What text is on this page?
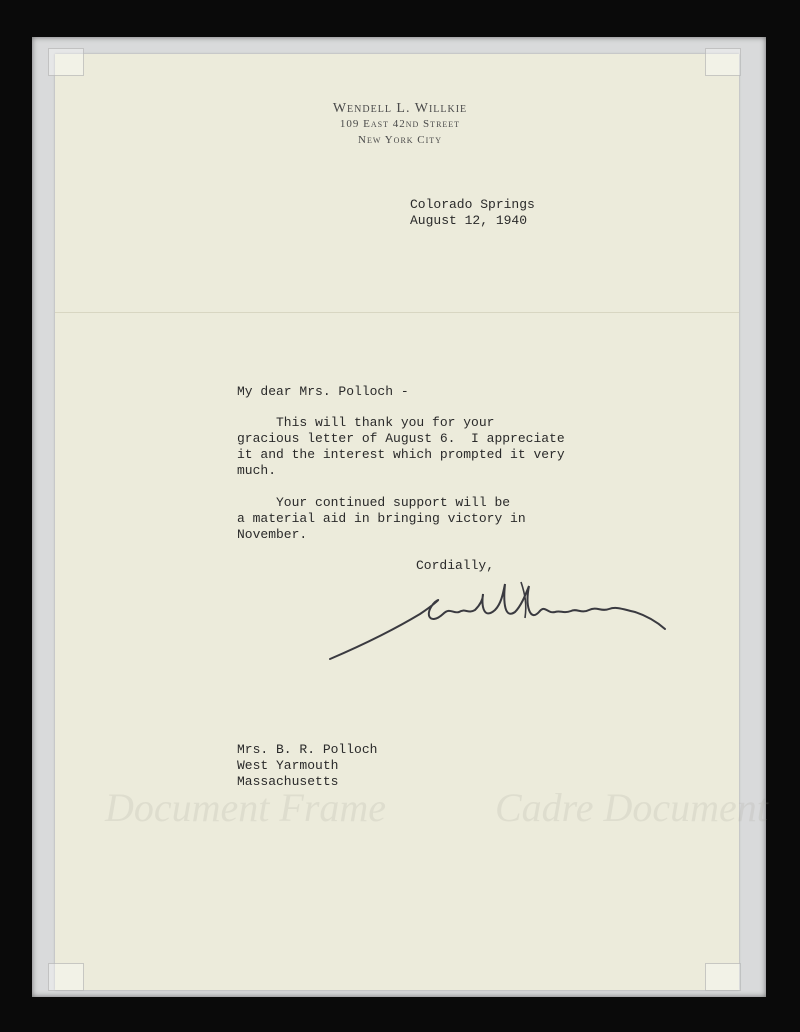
Document Frame	Cadre Document
Wendell L. Willkie
109 East 42nd Street
New York City
Colorado Springs
August 12, 1940
My dear Mrs. Polloch -
This will thank you for your
gracious letter of August 6.  I appreciate
it and the interest which prompted it very
much.
Your continued support will be
a material aid in bringing victory in
November.
Cordially,
Mrs. B. R. Polloch
West Yarmouth
Massachusetts
